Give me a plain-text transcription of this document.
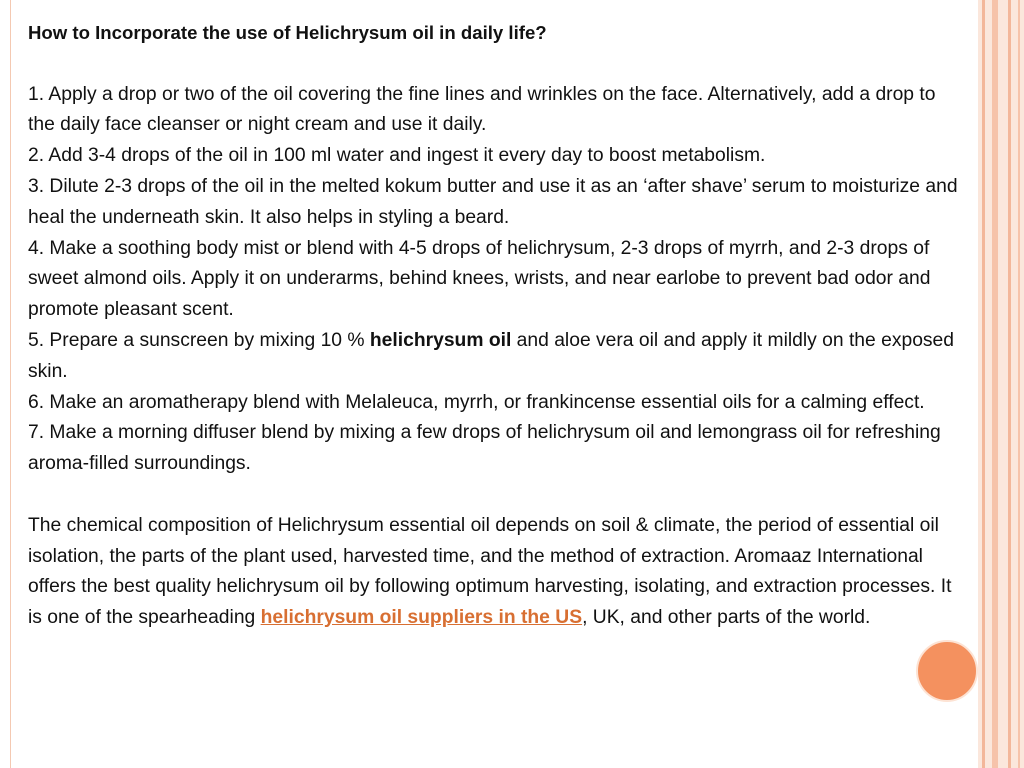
How to Incorporate the use of Helichrysum oil in daily life?

1. Apply a drop or two of the oil covering the fine lines and wrinkles on the face. Alternatively, add a drop to the daily face cleanser or night cream and use it daily.

2. Add 3-4 drops of the oil in 100 ml water and ingest it every day to boost metabolism.

3. Dilute 2-3 drops of the oil in the melted kokum butter and use it as an ‘after shave’ serum to moisturize and heal the underneath skin. It also helps in styling a beard.

4. Make a soothing body mist or blend with 4-5 drops of helichrysum, 2-3 drops of myrrh, and 2-3 drops of sweet almond oils. Apply it on underarms, behind knees, wrists, and near earlobe to prevent bad odor and promote pleasant scent.

5. Prepare a sunscreen by mixing 10 % helichrysum oil and aloe vera oil and apply it mildly on the exposed skin.

6. Make an aromatherapy blend with Melaleuca, myrrh, or frankincense essential oils for a calming effect.

7. Make a morning diffuser blend by mixing a few drops of helichrysum oil and lemongrass oil for refreshing aroma-filled surroundings.

The chemical composition of Helichrysum essential oil depends on soil & climate, the period of essential oil isolation, the parts of the plant used, harvested time, and the method of extraction. Aromaaz International offers the best quality helichrysum oil by following optimum harvesting, isolating, and extraction processes. It is one of the spearheading helichrysum oil suppliers in the US, UK, and other parts of the world.
